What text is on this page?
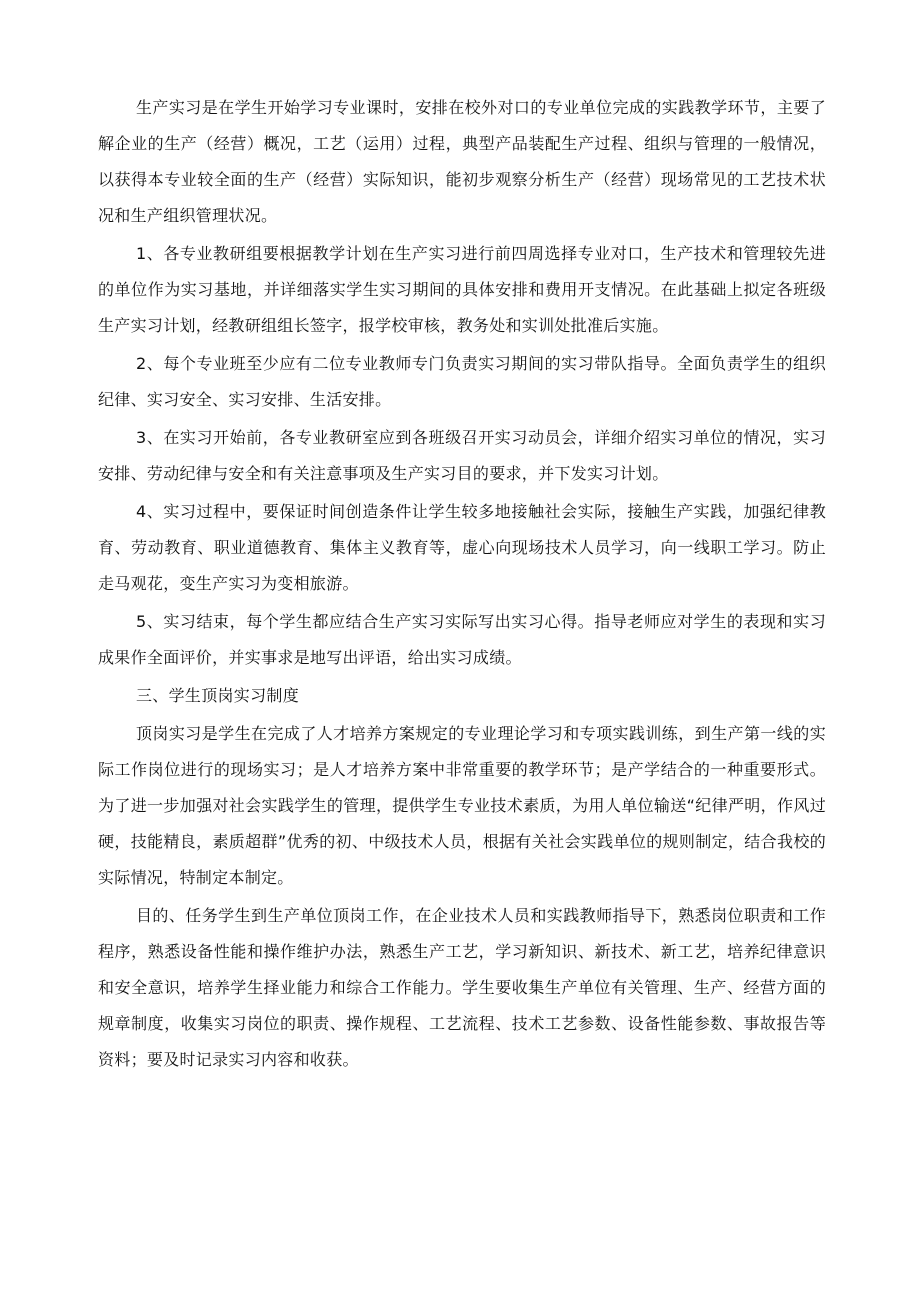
生产实习是在学生开始学习专业课时，安排在校外对口的专业单位完成的实践教学环节，主要了解企业的生产（经营）概况，工艺（运用）过程，典型产品装配生产过程、组织与管理的一般情况，以获得本专业较全面的生产（经营）实际知识，能初步观察分析生产（经营）现场常见的工艺技术状况和生产组织管理状况。

1、各专业教研组要根据教学计划在生产实习进行前四周选择专业对口，生产技术和管理较先进的单位作为实习基地，并详细落实学生实习期间的具体安排和费用开支情况。在此基础上拟定各班级生产实习计划，经教研组组长签字，报学校审核，教务处和实训处批准后实施。

2、每个专业班至少应有二位专业教师专门负责实习期间的实习带队指导。全面负责学生的组织纪律、实习安全、实习安排、生活安排。

3、在实习开始前，各专业教研室应到各班级召开实习动员会，详细介绍实习单位的情况，实习安排、劳动纪律与安全和有关注意事项及生产实习目的要求，并下发实习计划。

4、实习过程中，要保证时间创造条件让学生较多地接触社会实际，接触生产实践，加强纪律教育、劳动教育、职业道德教育、集体主义教育等，虚心向现场技术人员学习，向一线职工学习。防止走马观花，变生产实习为变相旅游。

5、实习结束，每个学生都应结合生产实习实际写出实习心得。指导老师应对学生的表现和实习成果作全面评价，并实事求是地写出评语，给出实习成绩。

三、学生顶岗实习制度

顶岗实习是学生在完成了人才培养方案规定的专业理论学习和专项实践训练，到生产第一线的实际工作岗位进行的现场实习；是人才培养方案中非常重要的教学环节；是产学结合的一种重要形式。为了进一步加强对社会实践学生的管理，提供学生专业技术素质，为用人单位输送“纪律严明，作风过硬，技能精良，素质超群”优秀的初、中级技术人员，根据有关社会实践单位的规则制定，结合我校的实际情况，特制定本制定。

目的、任务学生到生产单位顶岗工作，在企业技术人员和实践教师指导下，熟悉岗位职责和工作程序，熟悉设备性能和操作维护办法，熟悉生产工艺，学习新知识、新技术、新工艺，培养纪律意识和安全意识，培养学生择业能力和综合工作能力。学生要收集生产单位有关管理、生产、经营方面的规章制度，收集实习岗位的职责、操作规程、工艺流程、技术工艺参数、设备性能参数、事故报告等资料；要及时记录实习内容和收获。
